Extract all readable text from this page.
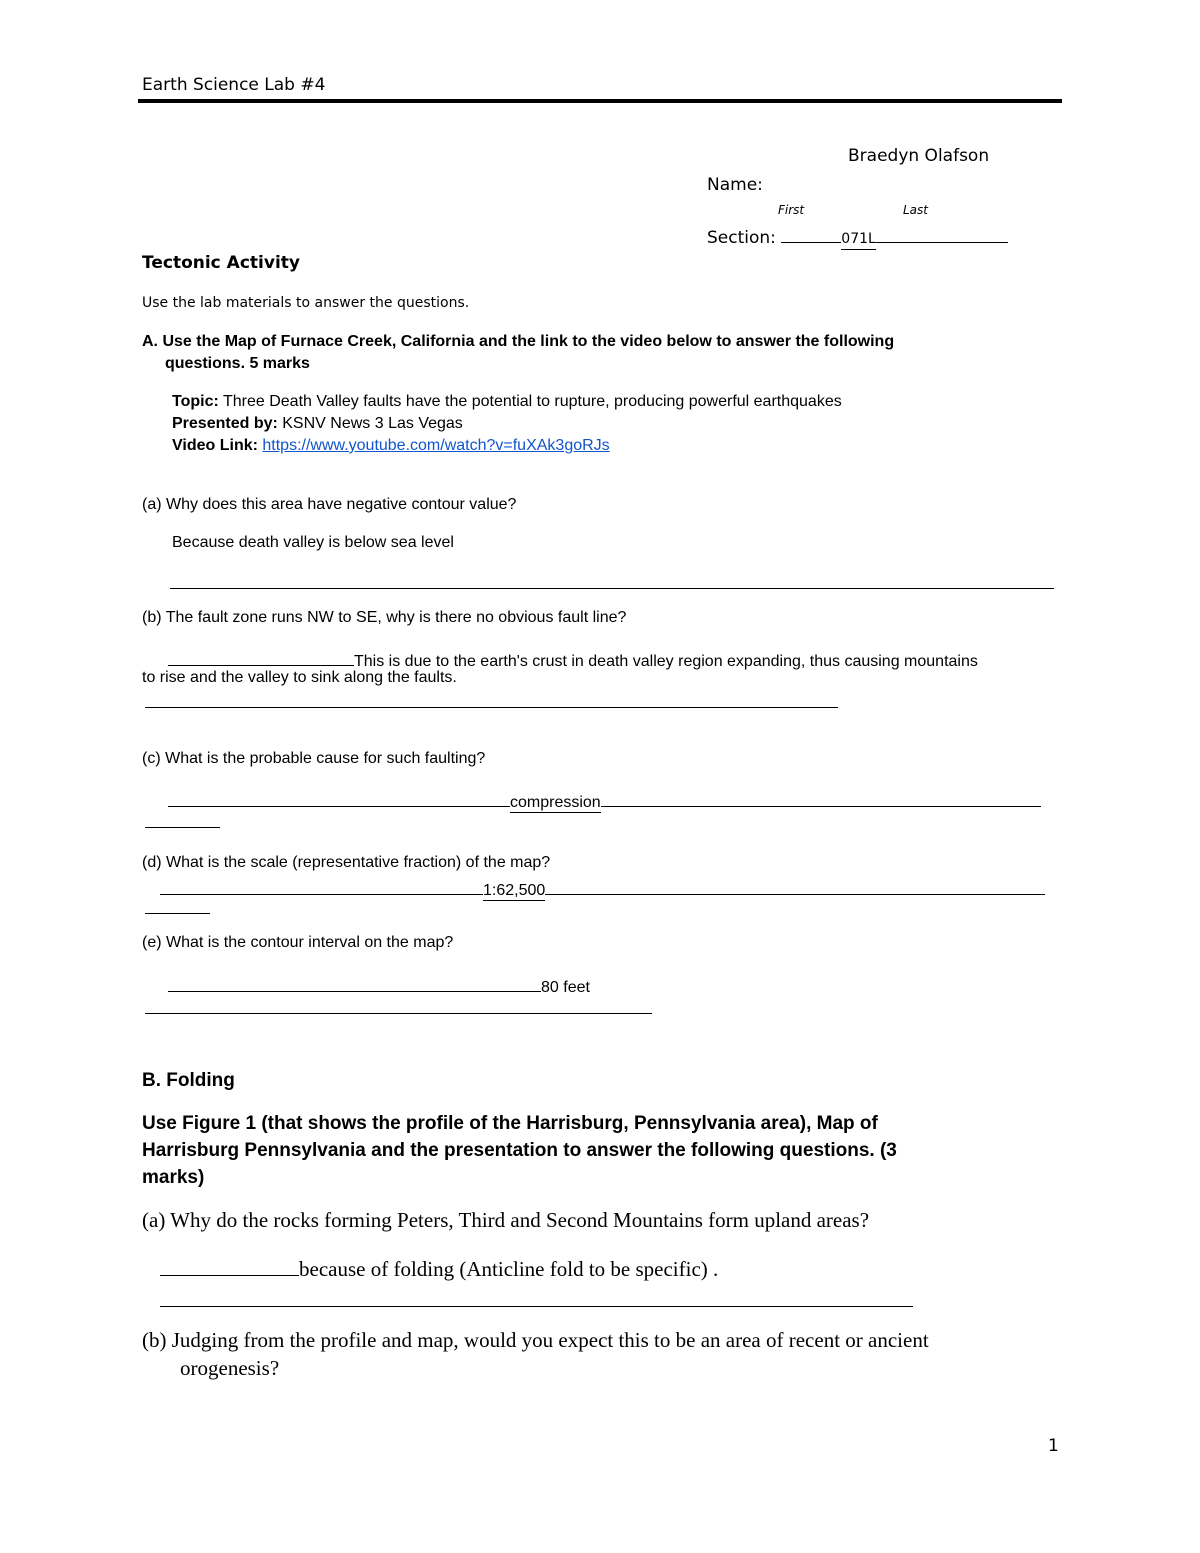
Earth Science Lab #4
Braedyn Olafson
Name:
First	Last
Section:	071L
Tectonic Activity
Use the lab materials to answer the questions.
A. Use the Map of Furnace Creek, California and the link to the video below to answer the following
questions. 5 marks
Topic: Three Death Valley faults have the potential to rupture, producing powerful earthquakes
Presented by: KSNV News 3 Las Vegas
Video Link: https://www.youtube.com/watch?v=fuXAk3goRJs
(a) Why does this area have negative contour value?
Because death valley is below sea level
(b) The fault zone runs NW to SE, why is there no obvious fault line?
This is due to the earth's crust in death valley region expanding, thus causing mountains
to rise and the valley to sink along the faults.
(c) What is the probable cause for such faulting?
compression
(d) What is the scale (representative fraction) of the map?
1:62,500
(e) What is the contour interval on the map?
80 feet
B. Folding
Use Figure 1 (that shows the profile of the Harrisburg, Pennsylvania area), Map of
Harrisburg Pennsylvania and the presentation to answer the following questions. (3
marks)
(a) Why do the rocks forming Peters, Third and Second Mountains form upland areas?
because of folding (Anticline fold to be specific) .
(b) Judging from the profile and map, would you expect this to be an area of recent or ancient
orogenesis?
1
